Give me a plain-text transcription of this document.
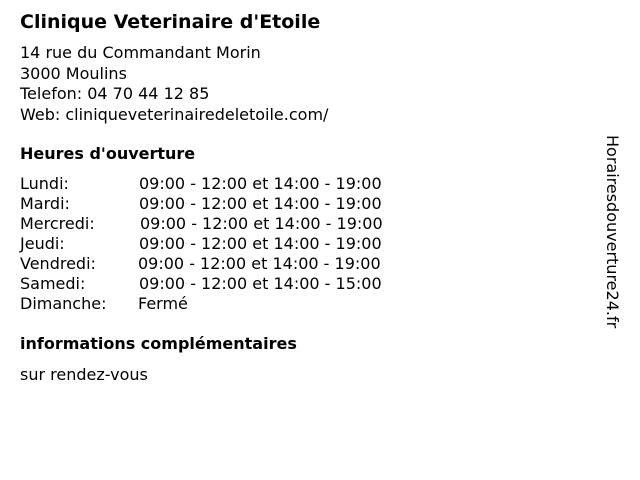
Clinique Veterinaire d'Etoile
14 rue du Commandant Morin
3000 Moulins
Telefon: 04 70 44 12 85
Web: cliniqueveterinairedeletoile.com/
Heures d'ouverture
Lundi:	09:00 - 12:00 et 14:00 - 19:00
Mardi:	09:00 - 12:00 et 14:00 - 19:00
Mercredi:	09:00 - 12:00 et 14:00 - 19:00
Jeudi:	09:00 - 12:00 et 14:00 - 19:00
Vendredi:	09:00 - 12:00 et 14:00 - 19:00
Samedi:	09:00 - 12:00 et 14:00 - 15:00
Dimanche: Fermé
informations complémentaires
sur rendez-vous
Horairesdouverture24.fr
